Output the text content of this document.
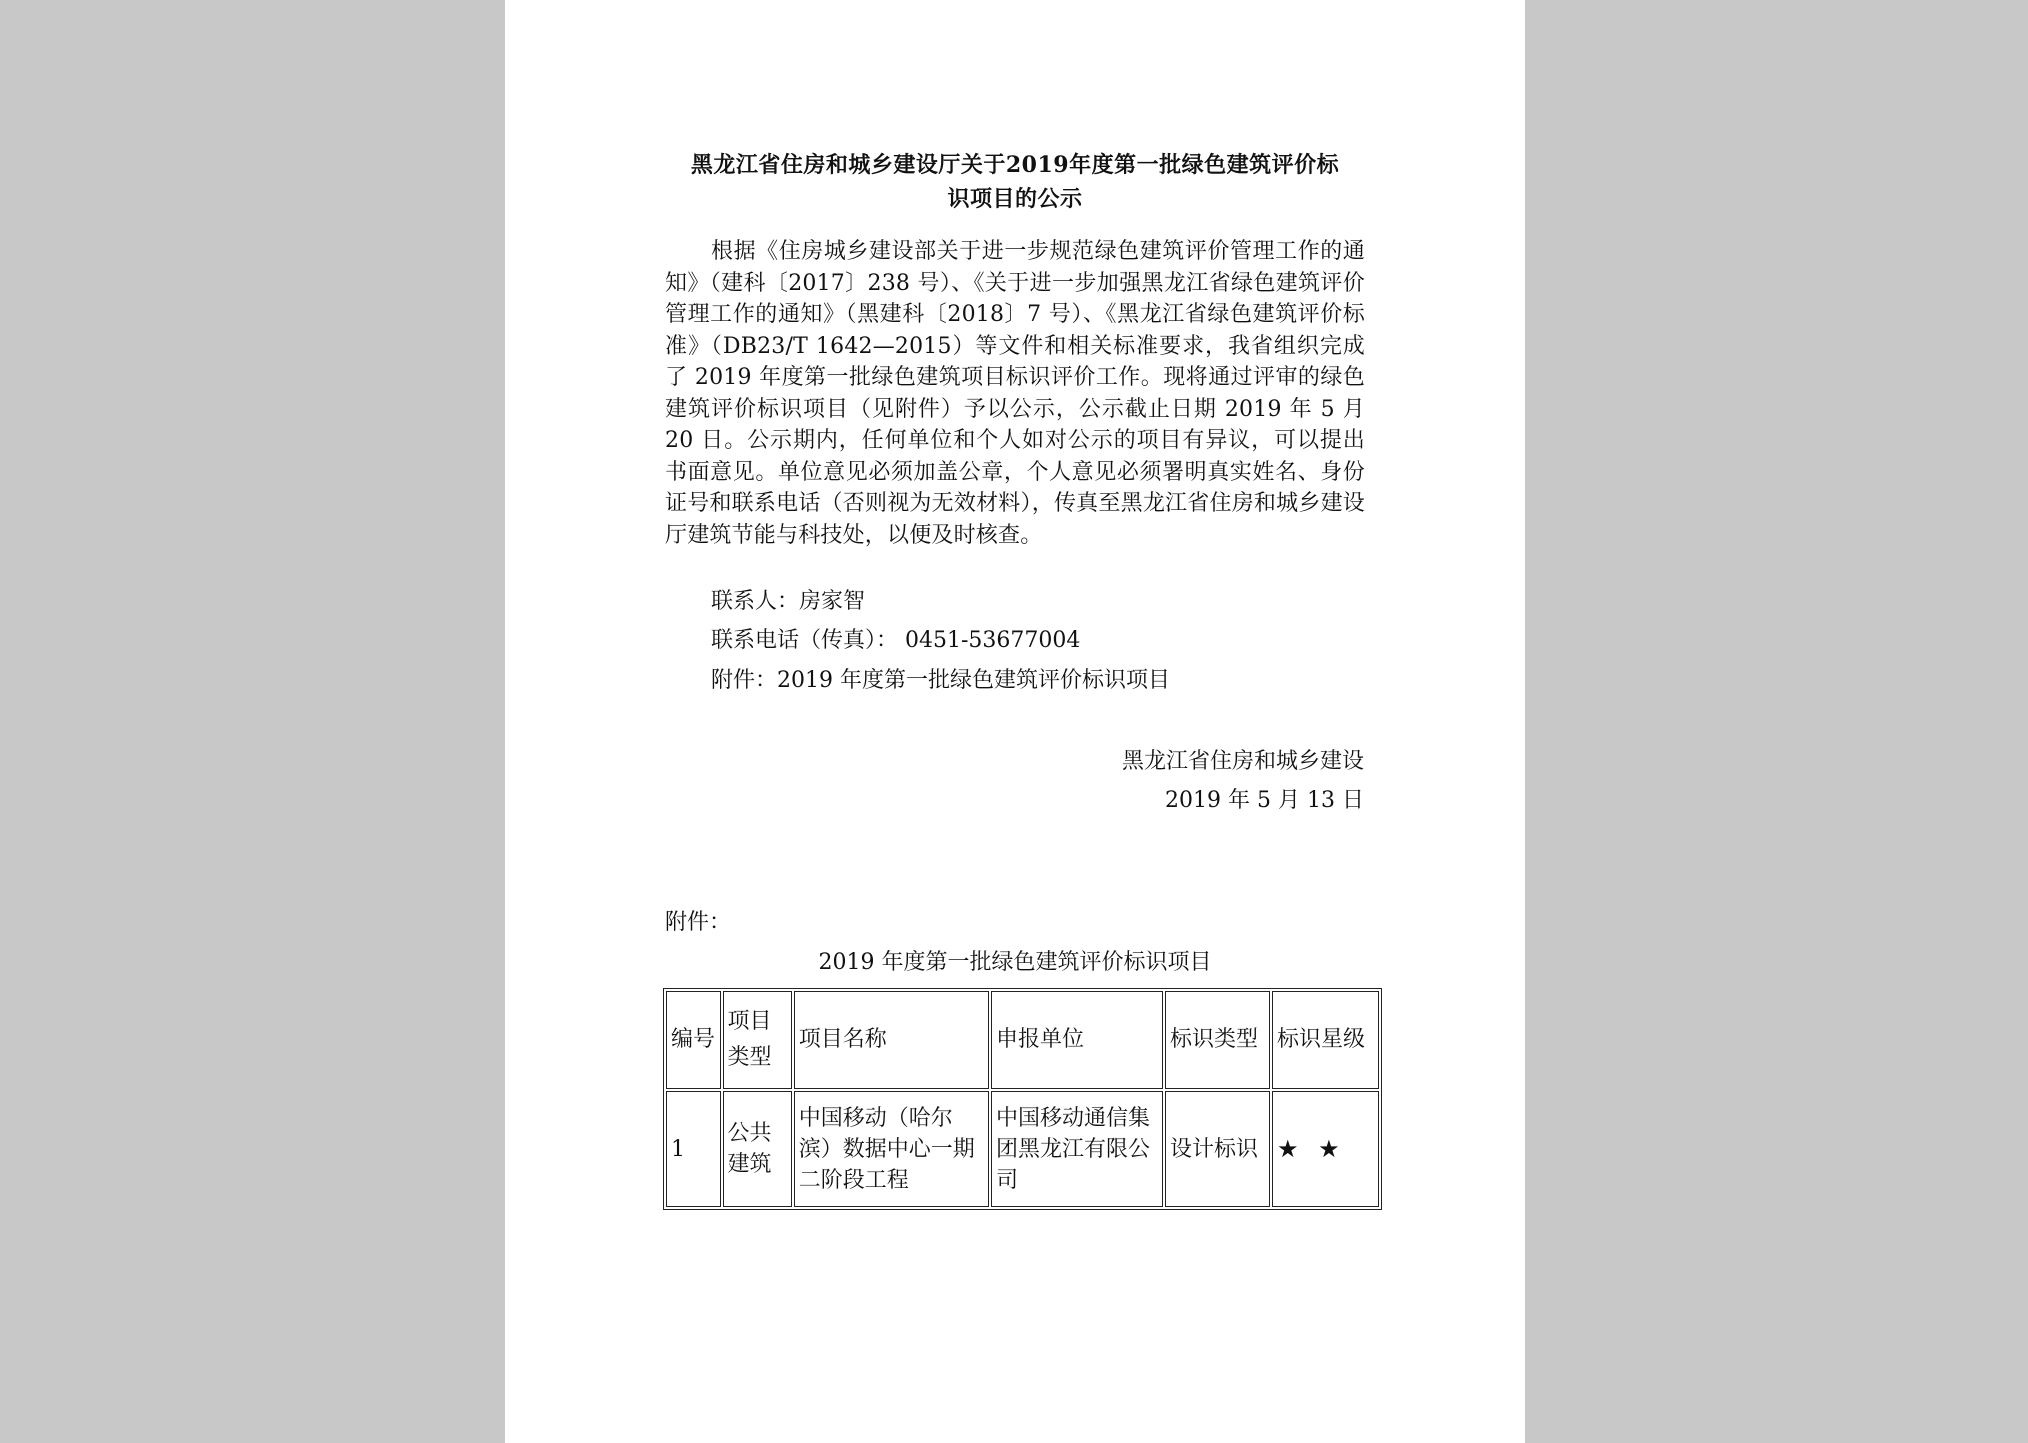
黑龙江省住房和城乡建设厅关于2019年度第一批绿色建筑评价标
识项目的公示
根据《住房城乡建设部关于进一步规范绿色建筑评价管理工作的通知》（建科〔2017〕238 号）、《关于进一步加强黑龙江省绿色建筑评价管理工作的通知》（黑建科〔2018〕7 号）、《黑龙江省绿色建筑评价标准》（DB23/T 1642—2015）等文件和相关标准要求，我省组织完成了 2019 年度第一批绿色建筑项目标识评价工作。现将通过评审的绿色建筑评价标识项目（见附件）予以公示，公示截止日期 2019 年 5 月 20 日。公示期内，任何单位和个人如对公示的项目有异议，可以提出书面意见。单位意见必须加盖公章，个人意见必须署明真实姓名、身份证号和联系电话（否则视为无效材料），传真至黑龙江省住房和城乡建设厅建筑节能与科技处，以便及时核查。
联系人：房家智
联系电话（传真）： 0451-53677004
附件：2019 年度第一批绿色建筑评价标识项目
黑龙江省住房和城乡建设
2019 年 5 月 13 日
附件：
2019 年度第一批绿色建筑评价标识项目
编号	项目类型	项目名称	申报单位	标识类型	标识星级
1	公共建筑	中国移动（哈尔滨）数据中心一期二阶段工程	中国移动通信集团黑龙江有限公司	设计标识	★ ★
